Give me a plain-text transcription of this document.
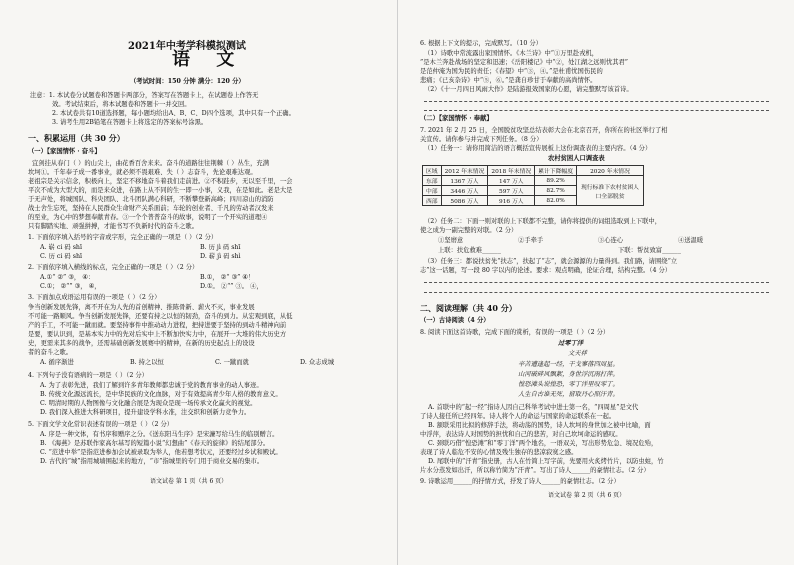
2021年中考学科模拟测试
语 文
（考试时间：150 分钟 满分：120 分）
注意：1. 本试卷分试题卷和答题卡两部分，答案写在答题卡上，在试题卷上作答无
效。考试结束后，将本试题卷和答题卡一并交回。
2. 本试卷共有10道选择题，每小题均给出A、B、C、D四个选项，其中只有一个正确。
3. 请考生用2B铅笔在答题卡上将选定的答案标号涂黑。
一、积累运用（共 30 分）
（一）【家国情怀 · 奋斗】
宜剑挂从春门（ ）的山尖上，曲花香百舍来来。奋斗的道路往往荆棘（ ）丛生，充满
坎坷①。千年奉子成一番事业，就必须不畏艰难、失（ ）志奋斗，先论艰难达观。
老祖宗是关示信念，积极向上，坚定不移地奋斗着我们走前进。②不积跬步，无以至千里，一会
平次不成为大型大的，而是来众进，在路上从不同的生一即一小事，义我，在是如此。老是大是
于无声处，将城国队、科央团队、北斗团队满心科研，不断攀登新高峰；四川凉山的消防
战士舍生忘死，坚持在人民群众生命财产关系面前；车轮的创业者、千凡的劳动者汉发来
的至业，为心中的梦想奉献青春。③一个个普普奋斗的故事，说明了一个开实的道理④
只有脚踏实地、顽强拼搏，才能书写不负新时代的奋斗之歌。
1. 下面依序填入括号的字音或字形，完全正确的一项是（ ）（2 分）
A. 崭 ci 码 shī	B. 历 jì 码 shī
C. 历 ci 码 shī	D. 崭 jì 码 shì
2. 下面依序填入横线的标点，完全正确的一项是（ ）（2 分）
A.①“ ②” ③， ④：	B.①， ②“ ③” ④！
C.①； ②“” ③， ④，	D.①。 ②“” ③。 ④，
3. 下面加点成语运用有误的一项是（ ）（2 分）
争当创新发展先锋，离不开在为人先的首创精神、推陈骨新、薪火不灭，事业发展
不可能一路顺风。争当创新发展先锋，还要有持之以恒的韧劲，奋斗的到力。从宏观到底，从低
产的手工，不可能一蹴而就。要坚持事件中推动动力进程，把持进要于坚持的到动斗精神向前
是要，要认识到，是基本实力中的先对后实中上不断加快实力中，在展开一大堆的伟大历史方
史，更需来其多的战争，还需基础创新发展赛中的精神，在新的历史起点上的设设
者的奋斗之歌。
A. 循序渐进	B. 持之以恒	C. 一蹴而就	D. 众志成城
4. 下列句子没有语病的一项是（ ）（2 分）
A. 为了表彰先进，我们了解到许多青年教师都忠诚于党的教育事业的动人事迹。
B. 传统文化源远流长，是中华民族的文化血脉，对于有效提高青少年人格的教育意义。
C. 明清时期的人物图像与文化融合展是为现众是现一场传承文化赢火的视觉。
D. 我们深入推进大科研项目，提升建设学科水准，注交织和创新力竞争力。
5. 下面文学文化常识表述有误的一项是（ ）（2 分）
A. 序是一种文体，有书序和赠序之分。《送东阳马生序》是宋濂写给马生的临别赠言。
B. 《海燕》是苏联作家高尔基写的短篇小说“幻想曲”《春天的旋律》的结尾部分。
C. “范进中举”是指范进参加会试被录取为举人，他若想考状元，还要经过乡试和殿试。
D. 古代的“城”指用城墙围起来的地方，“市”指城里的专门用于商业交易的集市。
语文试卷 第 1 页（共 6 页）
6. 根据上下文的提示，完成默写。（10 分）
（1）诗歌中常流露出家国情怀。《木兰诗》中“①万里赴戎机，
”是木兰奔赴战场的坚定和迅速；《岳阳楼记》中“②，处江湖之远则忧其君”
是范仲淹为国为民的责任；《春望》中“③，④。”是杜甫忧国伤民的
悲痛；《已亥杂诗》中“⑤，⑥。”是龚自珍甘于奉献的高尚情怀。
（2）《十一月四日风雨大作》是陆游报效国家的心愿，请完整默写该首诗。
（二）【家国情怀 · 奉献】
7. 2021 年 2 月 25 日，全国脱贫攻坚总结表彰大会在北京召开，你所在的社区举行了相
关宣传。请你参与并完成下列任务。（8 分）
（1）任务一：请你用简洁的语言概括宣传展板上这份调查表的主要内容。（4 分）
农村贫困人口调查表
区域	2012 年末情况	2018 年末情况	累计下降幅度	2020 年末情况
东部	1367 万人	147 万人	89.2%	现行标准下农村贫困人口全部脱贫
中部	3446 万人	597 万人	82.7%	
西部	5086 万人	916 万人	82.0%	
（2）任务二：下面一则对联的上下联都不完整，请你将提供的词组选取到上下联中，
使之成为一副完整的对联。（2 分）
①坚磨意	②手牵手	③心连心	④送温暖
上联：扶危救难______	下联：帮贫致富______
（3）任务三：都说扶贫先“扶志”，扶起了“志”，就会源源的力量得到。我们路，请围绕“立
志”这一话题，写一段 80 字以内的论述。要求：观点明确，论证合理，结构完整。（4 分）
二、阅读理解（共 40 分）
（一）古诗阅读（4 分）
8. 阅读下面这首诗歌，完成下面的赏析，有误的一项是（ ）（2 分）
过零丁洋
文天祥
辛苦遭逢起一经，干戈寥落四周星。
山河破碎风飘絮，身世浮沉雨打萍。
惶恐滩头说惶恐，零丁洋里叹零丁。
人生自古谁无死，留取丹心照汗青。
A. 首联中的“起一经”指诗人因自己科举考试中进士第一名，“四周星”是文代
了诗人接任所已经四年。诗人将个人的命运与国家的命运联系在一起。
B. 颔联采用比拟的修辞手法，将动荡的国势，诗人坎坷的身世加之被中比喻，面
中浮萍，表达诗人对国势的担忧和自己的悲苦，对自己坎坷命运的感叹。
C. 颈联巧借“惶恐滩”和“零丁洋”两个地名，一语双关，写出形势危急、境况危殆，
表现了诗人临危不安的心情及残生独存的悲凉寂寞之感。
D. 尾联中的“汗青”指史册，古人在竹简上写字前，先要用火炙烤竹片，以防虫蛀，竹
片水分蒸发如出汗，所以称竹简为“汗青”。写出了诗人______的豪情壮志。（2 分）
9. 诗歌运用______的抒情方式，抒发了诗人______的豪情壮志。（2 分）
语文试卷 第 2 页（共 6 页）
